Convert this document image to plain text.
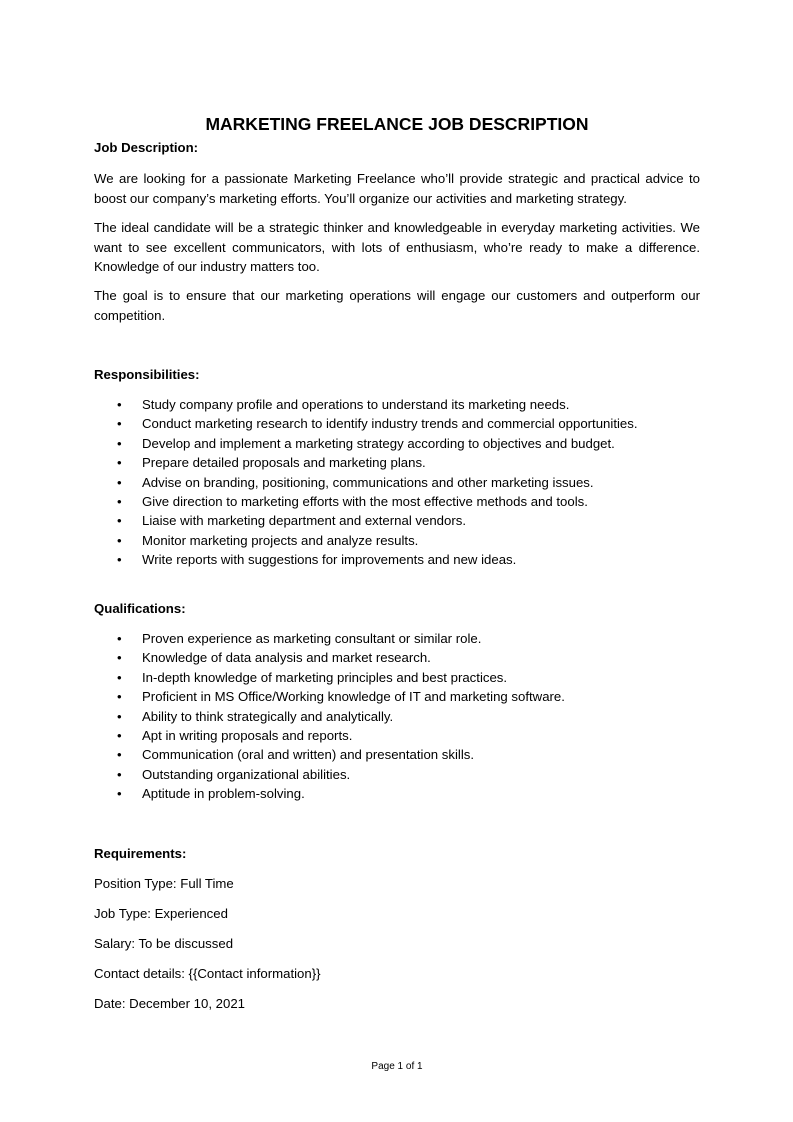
MARKETING FREELANCE JOB DESCRIPTION

Job Description:

We are looking for a passionate Marketing Freelance who’ll provide strategic and practical advice to boost our company’s marketing efforts. You’ll organize our activities and marketing strategy.

The ideal candidate will be a strategic thinker and knowledgeable in everyday marketing activities. We want to see excellent communicators, with lots of enthusiasm, who’re ready to make a difference. Knowledge of our industry matters too.

The goal is to ensure that our marketing operations will engage our customers and outperform our competition.

Responsibilities:

• Study company profile and operations to understand its marketing needs.
• Conduct marketing research to identify industry trends and commercial opportunities.
• Develop and implement a marketing strategy according to objectives and budget.
• Prepare detailed proposals and marketing plans.
• Advise on branding, positioning, communications and other marketing issues.
• Give direction to marketing efforts with the most effective methods and tools.
• Liaise with marketing department and external vendors.
• Monitor marketing projects and analyze results.
• Write reports with suggestions for improvements and new ideas.

Qualifications:

• Proven experience as marketing consultant or similar role.
• Knowledge of data analysis and market research.
• In-depth knowledge of marketing principles and best practices.
• Proficient in MS Office/Working knowledge of IT and marketing software.
• Ability to think strategically and analytically.
• Apt in writing proposals and reports.
• Communication (oral and written) and presentation skills.
• Outstanding organizational abilities.
• Aptitude in problem-solving.

Requirements:

Position Type: Full Time

Job Type: Experienced

Salary: To be discussed

Contact details: {{Contact information}}

Date: December 10, 2021

Page 1 of 1
